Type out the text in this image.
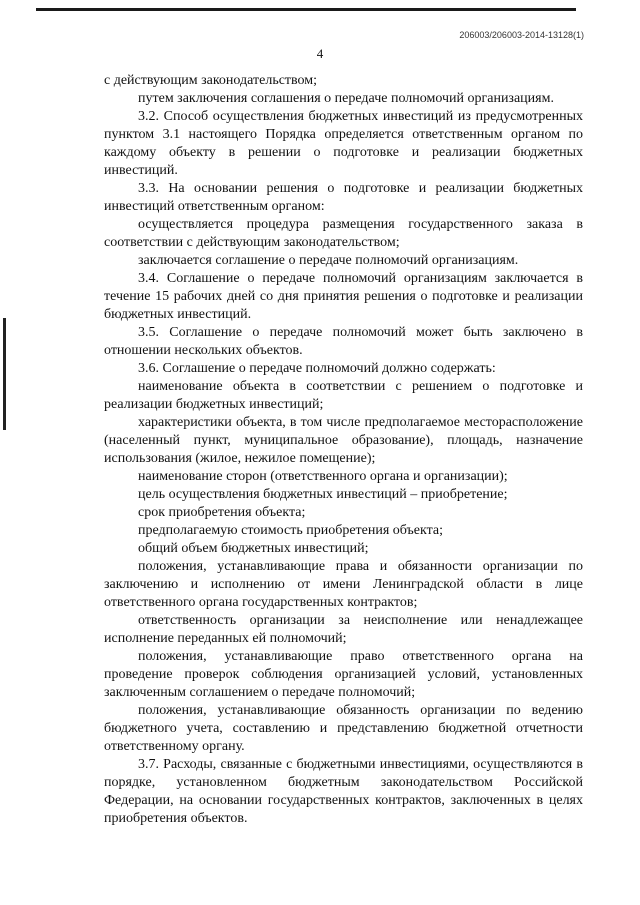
206003/206003-2014-13128(1)
4

с действующим законодательством;

путем заключения соглашения о передаче полномочий организациям.

3.2. Способ осуществления бюджетных инвестиций из предусмотренных пунктом 3.1 настоящего Порядка определяется ответственным органом по каждому объекту в решении о подготовке и реализации бюджетных инвестиций.

3.3. На основании решения о подготовке и реализации бюджетных инвестиций ответственным органом:

осуществляется процедура размещения государственного заказа в соответствии с действующим законодательством;

заключается соглашение о передаче полномочий организациям.

3.4. Соглашение о передаче полномочий организациям заключается в течение 15 рабочих дней со дня принятия решения о подготовке и реализации бюджетных инвестиций.

3.5. Соглашение о передаче полномочий может быть заключено в отношении нескольких объектов.

3.6. Соглашение о передаче полномочий должно содержать:

наименование объекта в соответствии с решением о подготовке и реализации бюджетных инвестиций;

характеристики объекта, в том числе предполагаемое месторасположение (населенный пункт, муниципальное образование), площадь, назначение использования (жилое, нежилое помещение);

наименование сторон (ответственного органа и организации);

цель осуществления бюджетных инвестиций – приобретение;

срок приобретения объекта;

предполагаемую стоимость приобретения объекта;

общий объем бюджетных инвестиций;

положения, устанавливающие права и обязанности организации по заключению и исполнению от имени Ленинградской области в лице ответственного органа государственных контрактов;

ответственность организации за неисполнение или ненадлежащее исполнение переданных ей полномочий;

положения, устанавливающие право ответственного органа на проведение проверок соблюдения организацией условий, установленных заключенным соглашением о передаче полномочий;

положения, устанавливающие обязанность организации по ведению бюджетного учета, составлению и представлению бюджетной отчетности ответственному органу.

3.7. Расходы, связанные с бюджетными инвестициями, осуществляются в порядке, установленном бюджетным законодательством Российской Федерации, на основании государственных контрактов, заключенных в целях приобретения объектов.
